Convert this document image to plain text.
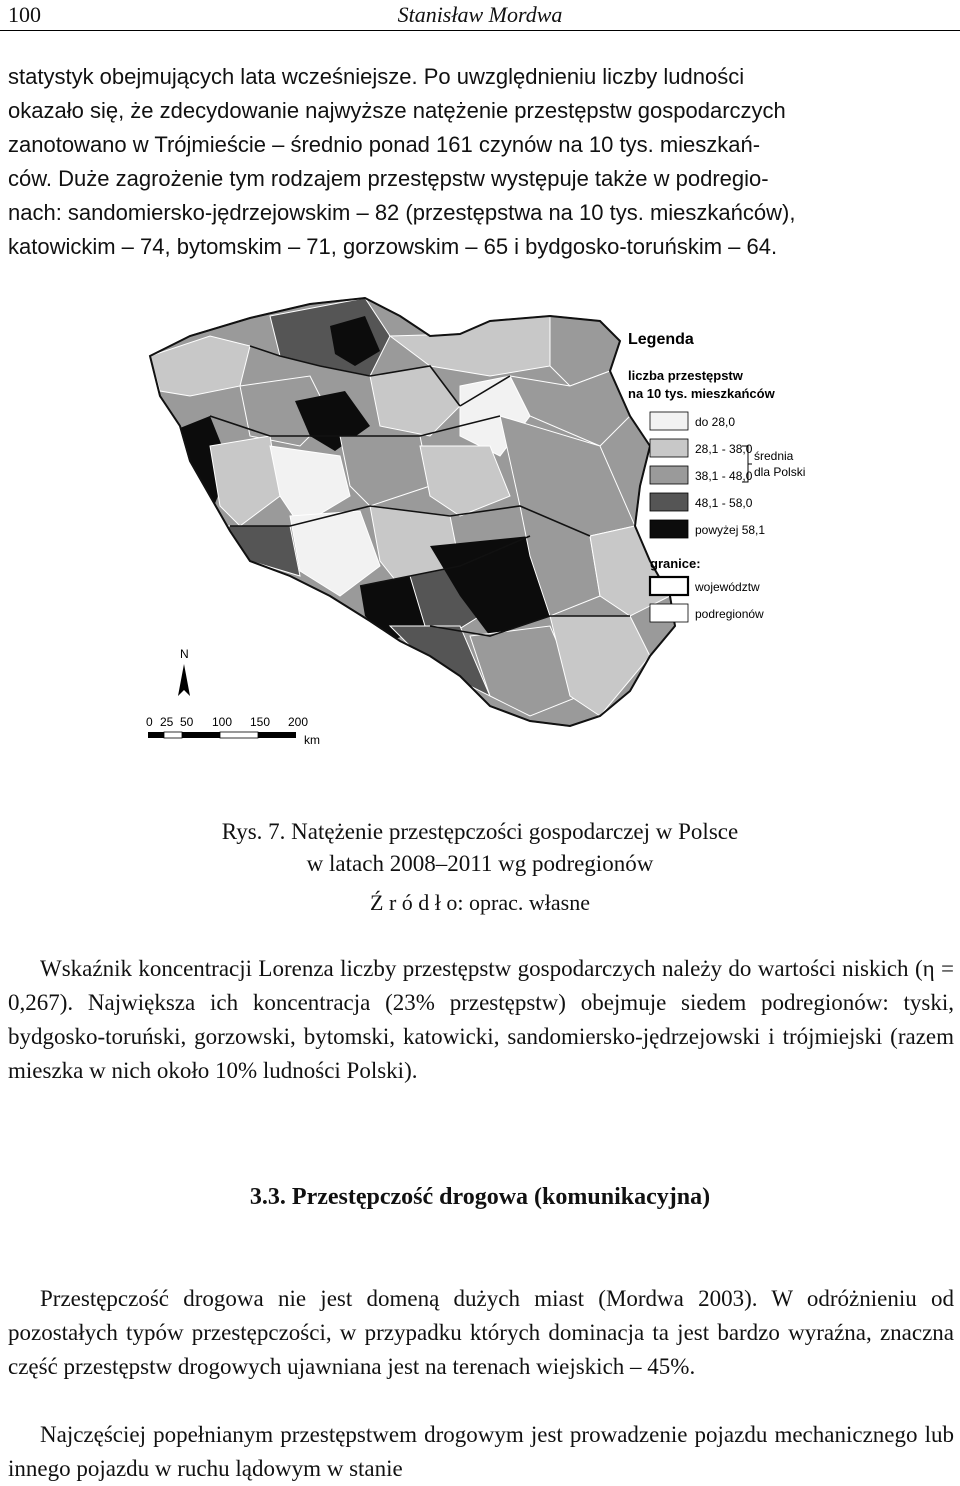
100	Stanisław Mordwa
statystyk obejmujących lata wcześniejsze. Po uwzględnieniu liczby ludności
okazało się, że zdecydowanie najwyższe natężenie przestępstw gospodarczych
zanotowano w Trójmieście – średnio ponad 161 czynów na 10 tys. mieszkań-
ców. Duże zagrożenie tym rodzajem przestępstw występuje także w podregio-
nach: sandomiersko-jędrzejowskim – 82 (przestępstwa na 10 tys. mieszkańców),
katowickim – 74, bytomskim – 71, gorzowskim – 65 i bydgosko-toruńskim – 64.
Legenda
liczba przestępstw
na 10 tys. mieszkańców
do 28,0
28,1 - 38,0
38,1 - 48,0
48,1 - 58,0
powyżej 58,1
średnia
dla Polski
granice:
województw
podregionów
N
0 25 50 100 150 200
km
Rys. 7. Natężenie przestępczości gospodarczej w Polsce
w latach 2008–2011 wg podregionów
Ź r ó d ł o: oprac. własne
Wskaźnik koncentracji Lorenza liczby przestępstw gospodarczych należy do wartości niskich (η = 0,267). Największa ich koncentracja (23% przestępstw) obejmuje siedem podregionów: tyski, bydgosko-toruński, gorzowski, bytomski, katowicki, sandomiersko-jędrzejowski i trójmiejski (razem mieszka w nich około 10% ludności Polski).
3.3. Przestępczość drogowa (komunikacyjna)
Przestępczość drogowa nie jest domeną dużych miast (Mordwa 2003). W odróżnieniu od pozostałych typów przestępczości, w przypadku których dominacja ta jest bardzo wyraźna, znaczna część przestępstw drogowych ujawniana jest na terenach wiejskich – 45%.
Najczęściej popełnianym przestępstwem drogowym jest prowadzenie pojazdu mechanicznego lub innego pojazdu w ruchu lądowym w stanie
